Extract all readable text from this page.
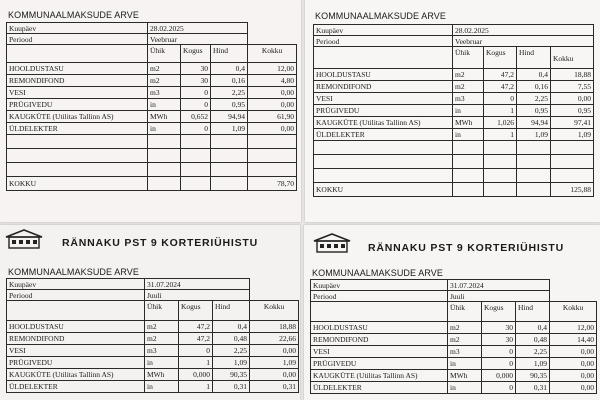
KOMMUNAALMAKSUDE ARVE
Kuupäev	28.02.2025			
Periood	Veebruar			
	Ühik	Kogus	Hind	Kokku
HOOLDUSTASU	m2	30	0,4	12,00
REMONDIFOND	m2	30	0,16	4,80
VESI	m3	0	2,25	0,00
PRÜGIVEDU	in	0	0,95	0,00
KAUGKÜTE (Utilitas Tallinn AS)	MWh	0,652	94,94	61,90
ÜLDELEKTER	in	0	1,09	0,00

KOKKU				78,70
KOMMUNAALMAKSUDE ARVE
Kuupäev	28.02.2025			
Periood	Veebruar			
	Ühik	Kogus	Hind	Kokku
HOOLDUSTASU	m2	47,2	0,4	18,88
REMONDIFOND	m2	47,2	0,16	7,55
VESI	m3	0	2,25	0,00
PRÜGIVEDU	in	1	0,95	0,95
KAUGKÜTE (Utilitas Tallinn AS)	MWh	1,026	94,94	97,41
ÜLDELEKTER	in	1	1,09	1,09

KOKKU				125,88
RÄNNAKU PST 9 KORTERIÜHISTU
KOMMUNAALMAKSUDE ARVE
Kuupäev	31.07.2024			
Periood	Juuli			
	Ühik	Kogus	Hind	Kokku
HOOLDUSTASU	m2	47,2	0,4	18,88
REMONDIFOND	m2	47,2	0,48	22,66
VESI	m3	0	2,25	0,00
PRÜGIVEDU	in	1	1,09	1,09
KAUGKÜTE (Utilitas Tallinn AS)	MWh	0,000	90,35	0,00
ÜLDELEKTER	in	1	0,31	0,31
RÄNNAKU PST 9 KORTERIÜHISTU
KOMMUNAALMAKSUDE ARVE
Kuupäev	31.07.2024			
Periood	Juuli			
	Ühik	Kogus	Hind	Kokku
HOOLDUSTASU	m2	30	0,4	12,00
REMONDIFOND	m2	30	0,48	14,40
VESI	m3	0	2,25	0,00
PRÜGIVEDU	in	0	1,09	0,00
KAUGKÜTE (Utilitas Tallinn AS)	MWh	0,000	90,35	0,00
ÜLDELEKTER	in	0	0,31	0,00
